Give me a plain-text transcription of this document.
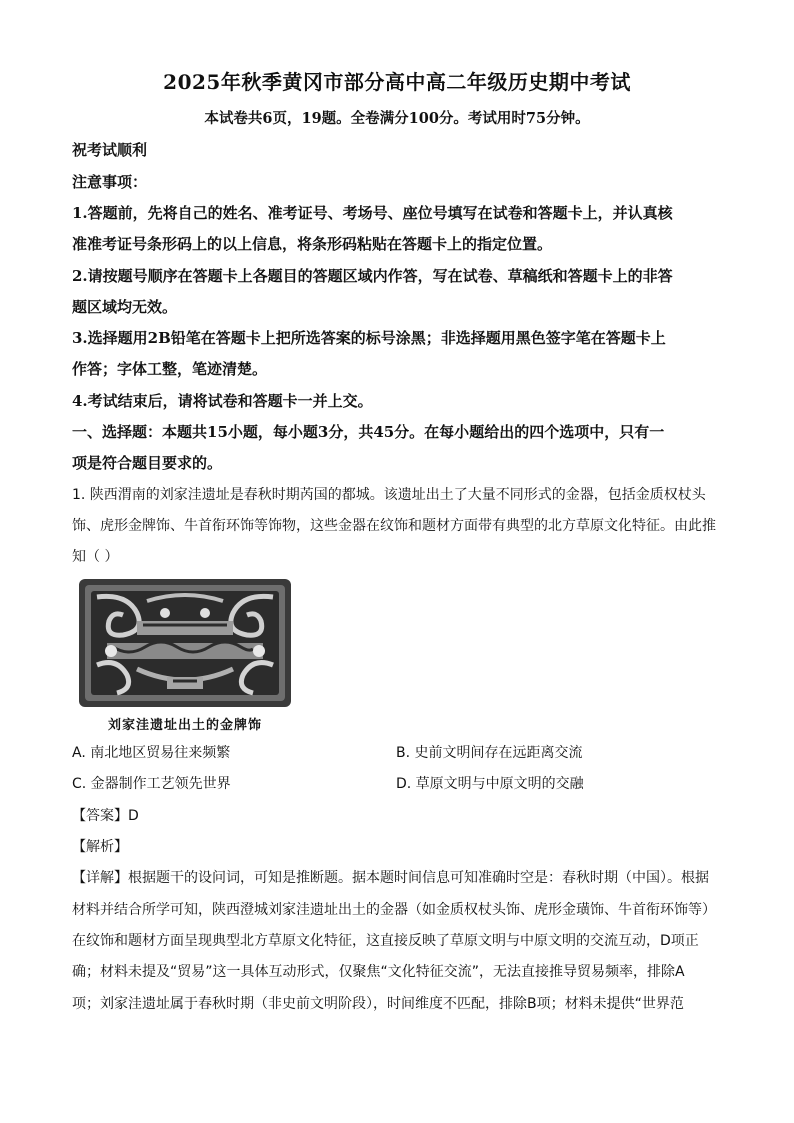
2025年秋季黄冈市部分高中高二年级历史期中考试
本试卷共6页，19题。全卷满分100分。考试用时75分钟。
祝考试顺利
注意事项：
1.答题前，先将自己的姓名、准考证号、考场号、座位号填写在试卷和答题卡上，并认真核
准准考证号条形码上的以上信息，将条形码粘贴在答题卡上的指定位置。
2.请按题号顺序在答题卡上各题目的答题区域内作答，写在试卷、草稿纸和答题卡上的非答
题区域均无效。
3.选择题用2B铅笔在答题卡上把所选答案的标号涂黑；非选择题用黑色签字笔在答题卡上
作答；字体工整，笔迹清楚。
4.考试结束后，请将试卷和答题卡一并上交。
一、选择题：本题共15小题，每小题3分，共45分。在每小题给出的四个选项中，只有一
项是符合题目要求的。
1. 陕西渭南的刘家洼遗址是春秋时期芮国的都城。该遗址出土了大量不同形式的金器，包括金质权杖头
饰、虎形金牌饰、牛首衔环饰等饰物，这些金器在纹饰和题材方面带有典型的北方草原文化特征。由此推
知（ ）
刘家洼遗址出土的金牌饰
A. 南北地区贸易往来频繁	B. 史前文明间存在远距离交流
C. 金器制作工艺领先世界	D. 草原文明与中原文明的交融
【答案】D
【解析】
【详解】根据题干的设问词，可知是推断题。据本题时间信息可知准确时空是：春秋时期（中国）。根据
材料并结合所学可知，陕西澄城刘家洼遗址出土的金器（如金质权杖头饰、虎形金璜饰、牛首衔环饰等）
在纹饰和题材方面呈现典型北方草原文化特征，这直接反映了草原文明与中原文明的交流互动，D项正
确；材料未提及“贸易”这一具体互动形式，仅聚焦“文化特征交流”，无法直接推导贸易频率，排除A
项；刘家洼遗址属于春秋时期（非史前文明阶段），时间维度不匹配，排除B项；材料未提供“世界范
